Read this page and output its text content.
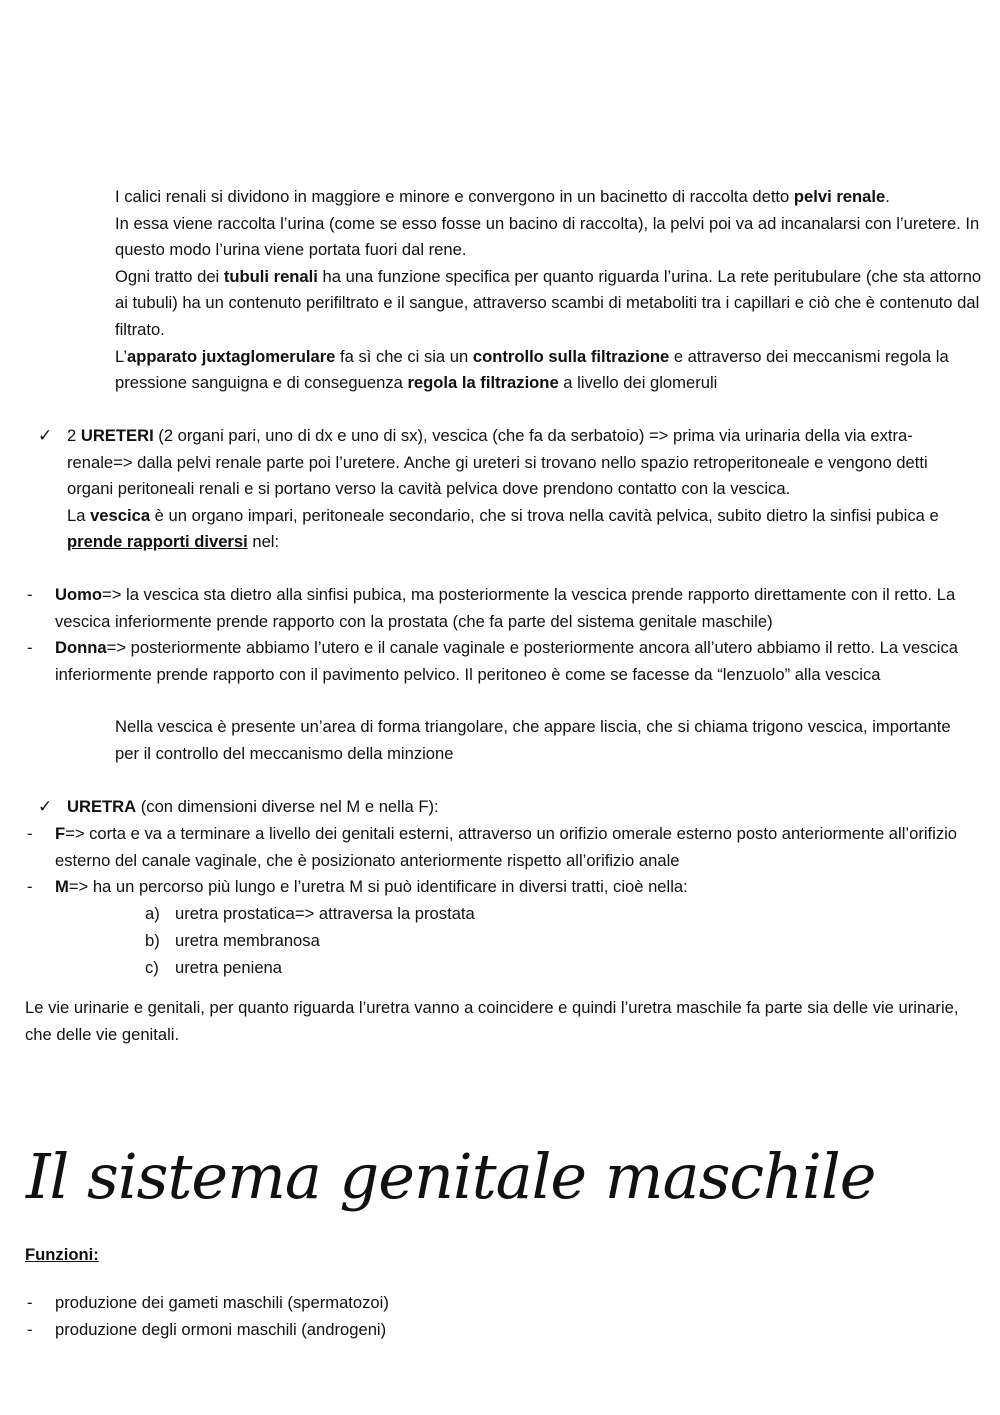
I calici renali si dividono in maggiore e minore e convergono in un bacinetto di raccolta detto pelvi renale.
In essa viene raccolta l’urina (come se esso fosse un bacino di raccolta), la pelvi poi va ad incanalarsi con l’uretere. In questo modo l’urina viene portata fuori dal rene.
Ogni tratto dei tubuli renali ha una funzione specifica per quanto riguarda l’urina. La rete peritubulare (che sta attorno ai tubuli) ha un contenuto perifiltrato e il sangue, attraverso scambi di metaboliti tra i capillari e ciò che è contenuto dal filtrato.
L’apparato juxtaglomerulare fa sì che ci sia un controllo sulla filtrazione e attraverso dei meccanismi regola la pressione sanguigna e di conseguenza regola la filtrazione a livello dei glomeruli

✓ 2 URETERI (2 organi pari, uno di dx e uno di sx), vescica (che fa da serbatoio) => prima via urinaria della via extra-renale=> dalla pelvi renale parte poi l’uretere. Anche gi ureteri si trovano nello spazio retroperitoneale e vengono detti organi peritoneali renali e si portano verso la cavità pelvica dove prendono contatto con la vescica.
La vescica è un organo impari, peritoneale secondario, che si trova nella cavità pelvica, subito dietro la sinfisi pubica e prende rapporti diversi nel:

- Uomo=> la vescica sta dietro alla sinfisi pubica, ma posteriormente la vescica prende rapporto direttamente con il retto. La vescica inferiormente prende rapporto con la prostata (che fa parte del sistema genitale maschile)

- Donna=> posteriormente abbiamo l’utero e il canale vaginale e posteriormente ancora all’utero abbiamo il retto. La vescica inferiormente prende rapporto con il pavimento pelvico. Il peritoneo è come se facesse da “lenzuolo” alla vescica

Nella vescica è presente un’area di forma triangolare, che appare liscia, che si chiama trigono vescica, importante per il controllo del meccanismo della minzione

✓ URETRA (con dimensioni diverse nel M e nella F):

- F=> corta e va a terminare a livello dei genitali esterni, attraverso un orifizio omerale esterno posto anteriormente all’orifizio esterno del canale vaginale, che è posizionato anteriormente rispetto all’orifizio anale

- M=> ha un percorso più lungo e l’uretra M si può identificare in diversi tratti, cioè nella:

a) uretra prostatica=> attraversa la prostata
b) uretra membranosa
c) uretra peniena

Le vie urinarie e genitali, per quanto riguarda l’uretra vanno a coincidere e quindi l’uretra maschile fa parte sia delle vie urinarie, che delle vie genitali.

Il sistema genitale maschile

Funzioni:

- produzione dei gameti maschili (spermatozoi)

- produzione degli ormoni maschili (androgeni)
